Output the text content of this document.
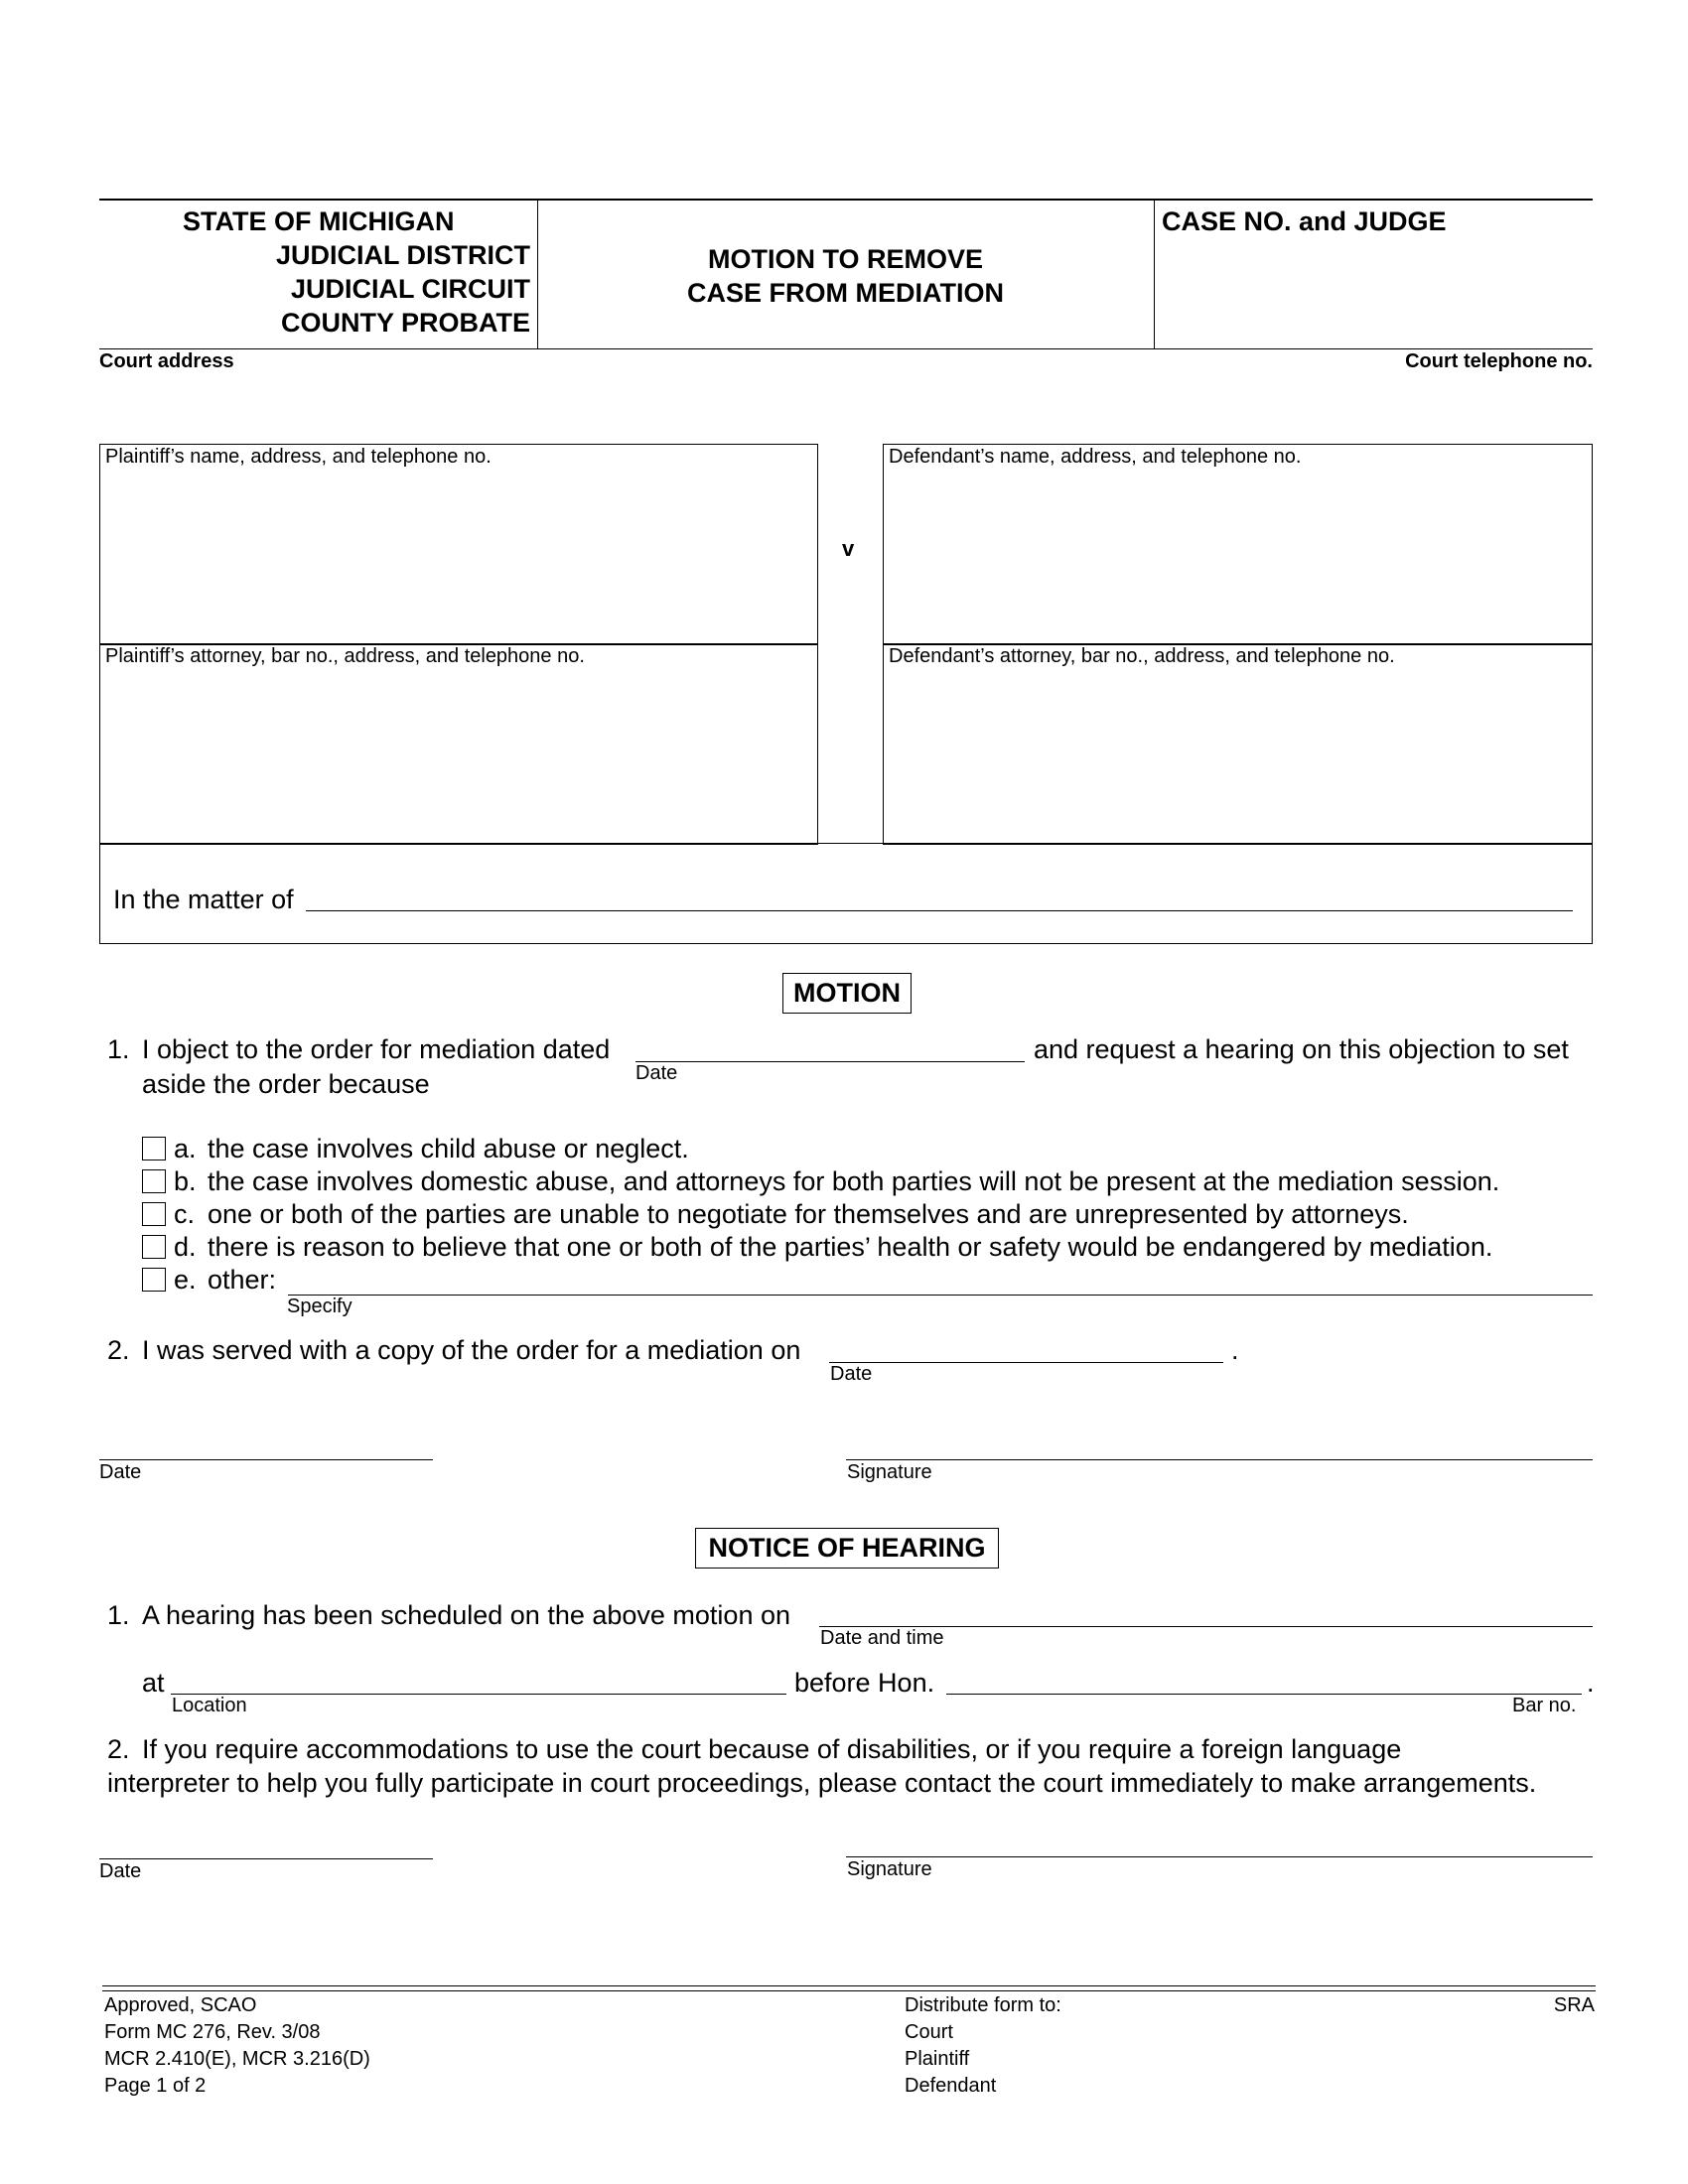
STATE OF MICHIGAN
JUDICIAL DISTRICT
JUDICIAL CIRCUIT
COUNTY PROBATE
MOTION TO REMOVE
CASE FROM MEDIATION
CASE NO. and JUDGE
Court address	Court telephone no.
Plaintiff’s name, address, and telephone no.	Defendant’s name, address, and telephone no.
Plaintiff’s attorney, bar no., address, and telephone no.	Defendant’s attorney, bar no., address, and telephone no.
v
In the matter of
MOTION
1. I object to the order for mediation dated
Date
and request a hearing on this objection to set
aside the order because
a. the case involves child abuse or neglect.
b. the case involves domestic abuse, and attorneys for both parties will not be present at the mediation session.
c. one or both of the parties are unable to negotiate for themselves and are unrepresented by attorneys.
d. there is reason to believe that one or both of the parties’ health or safety would be endangered by mediation.
e. other:
Specify
2. I was served with a copy of the order for a mediation on	.
Date
Date	Signature
NOTICE OF HEARING
1. A hearing has been scheduled on the above motion on
Date and time
at
Location
before Hon.	.
Bar no.
2. If you require accommodations to use the court because of disabilities, or if you require a foreign language
interpreter to help you fully participate in court proceedings, please contact the court immediately to make arrangements.
Date	Signature
Approved, SCAO
Form MC 276, Rev. 3/08
MCR 2.410(E), MCR 3.216(D)
Page 1 of 2
Distribute form to:
Court
Plaintiff
Defendant
SRA
